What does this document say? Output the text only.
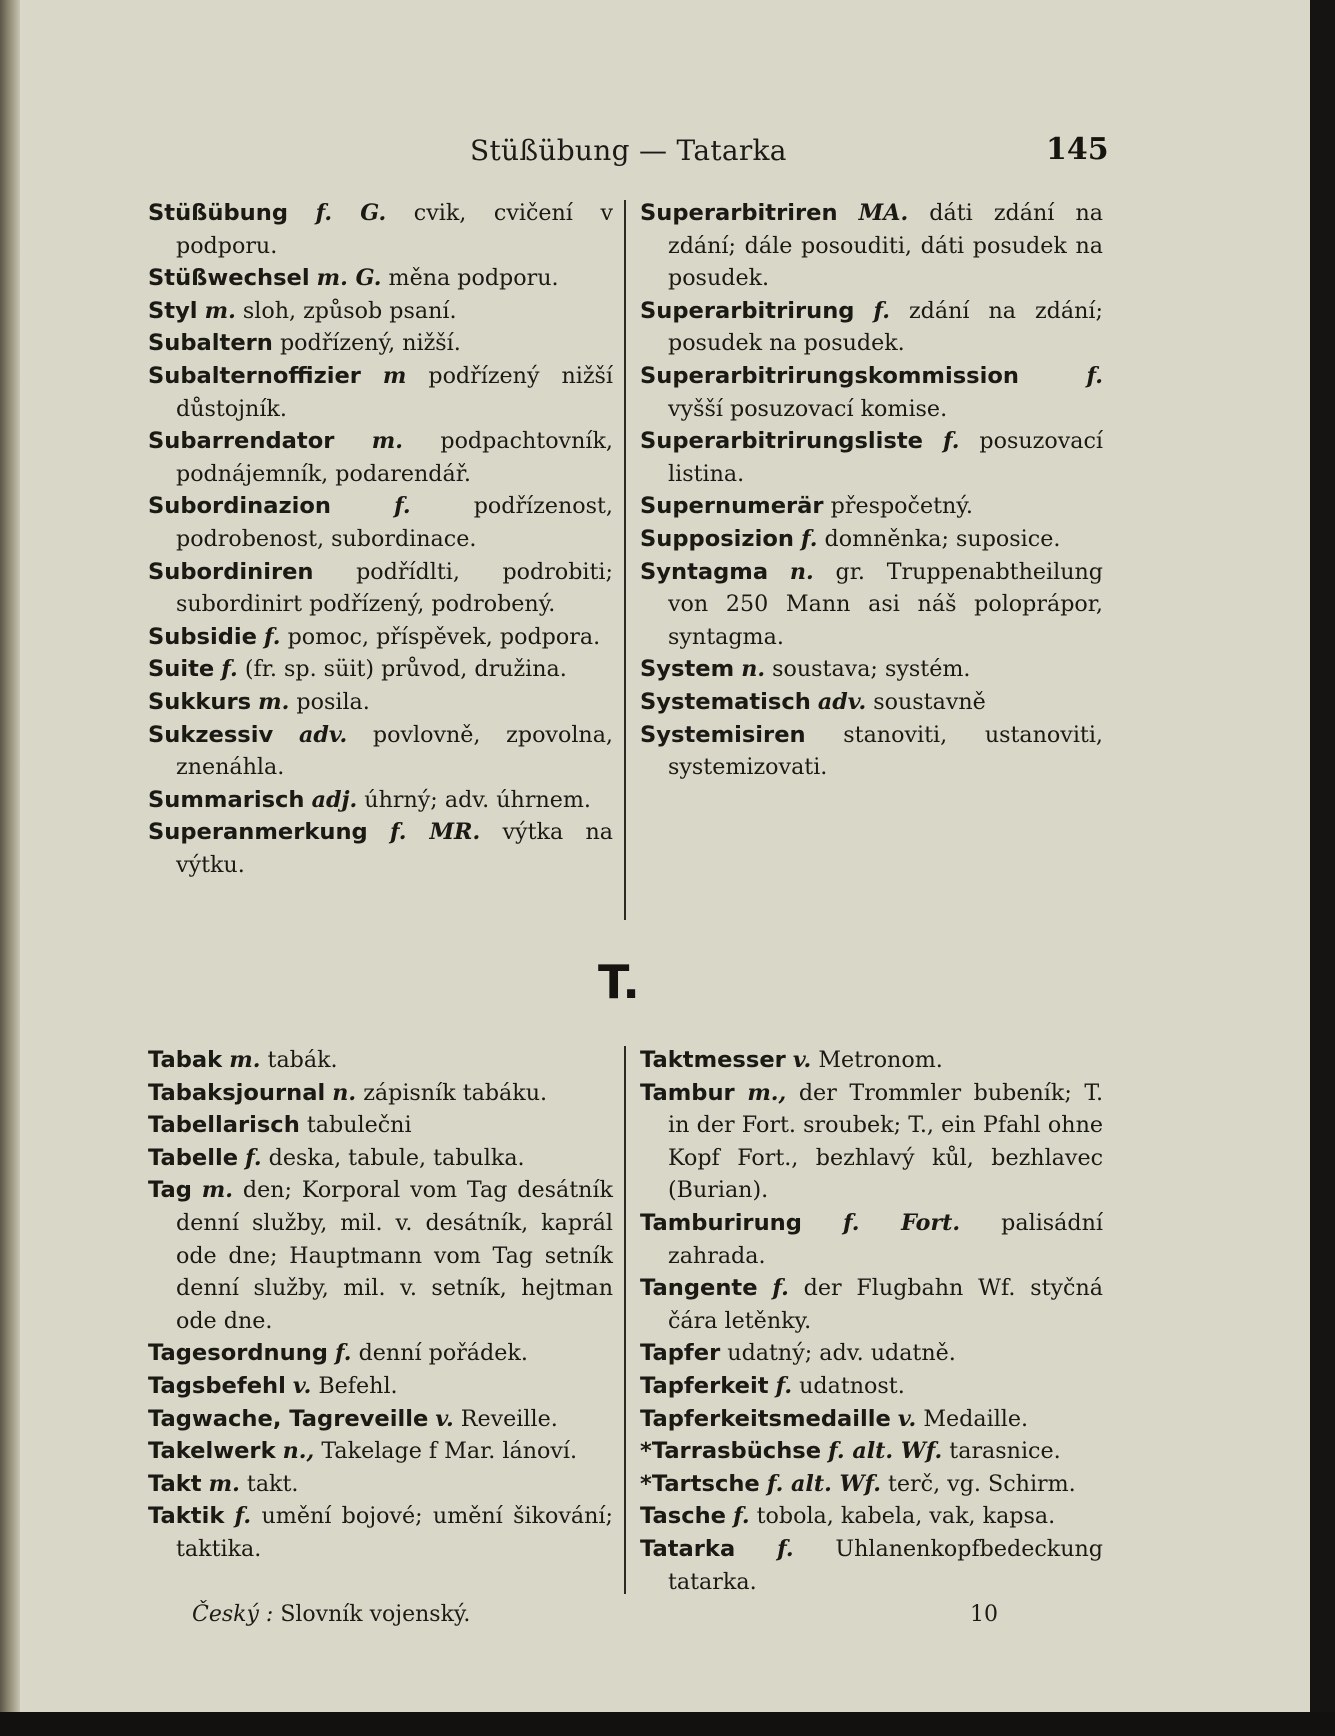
Stüßübung — Tatarka	145
Stüßübung f. G. cvik, cvičení v podporu.
Stüßwechsel m. G. měna podporu.
Styl m. sloh, způsob psaní.
Subaltern podřízený, nižší.
Subalternoffizier m podřízený nižší důstojník.
Subarrendator m. podpachtovník, podnájemník, podarendář.
Subordinazion	f.	podřízenost, podrobenost, subordinace.
Subordiniren podřídlti, podrobiti; subordinirt podřízený, podrobený.
Subsidie f. pomoc, příspěvek, podpora.
Suite f. (fr. sp. süit) průvod, družina.
Sukkurs m. posila.
Sukzessiv adv. povlovně, zpovolna, znenáhla.
Summarisch adj. úhrný; adv. úhrnem.
Superanmerkung f. MR. výtka na výtku.
Superarbitriren MA. dáti zdání na zdání; dále posouditi, dáti posudek na posudek.
Superarbitrirung f. zdání na zdání; posudek na posudek.
Superarbitrirungskommission	f. vyšší posuzovací komise.
Superarbitrirungsliste f. posuzovací listina.
Supernumerär přespočetný.
Supposizion f. domněnka; suposice.
Syntagma n. gr. Truppenabtheilung von 250 Mann asi náš poloprápor, syntagma.
System n. soustava; systém.
Systematisch adv. soustavně
Systemisiren stanoviti, ustanoviti, systemizovati.
T.
Tabak m. tabák.
Tabaksjournal n. zápisník tabáku.
Tabellarisch tabulečni
Tabelle f. deska, tabule, tabulka.
Tag m. den; Korporal vom Tag desátník denní služby, mil. v. desátník, kaprál ode dne; Hauptmann vom Tag setník denní služby, mil. v. setník, hejtman ode dne.
Tagesordnung f. denní pořádek.
Tagsbefehl v. Befehl.
Tagwache, Tagreveille v. Reveille.
Takelwerk n., Takelage f Mar. lánoví.
Takt m. takt.
Taktik f. umění bojové; umění šikování; taktika.
Taktmesser v. Metronom.
Tambur m., der Trommler bubeník; T. in der Fort. sroubek; T., ein Pfahl ohne Kopf Fort., bezhlavý kůl, bezhlavec (Burian).
Tamburirung f. Fort. palisádní zahrada.
Tangente f. der Flugbahn Wf. styčná čára letěnky.
Tapfer udatný; adv. udatně.
Tapferkeit f. udatnost.
Tapferkeitsmedaille v. Medaille.
*Tarrasbüchse f. alt. Wf. tarasnice.
*Tartsche f. alt. Wf. terč, vg. Schirm.
Tasche f. tobola, kabela, vak, kapsa.
Tatarka f. Uhlanenkopfbedeckung tatarka.
Český : Slovník vojenský.	10
